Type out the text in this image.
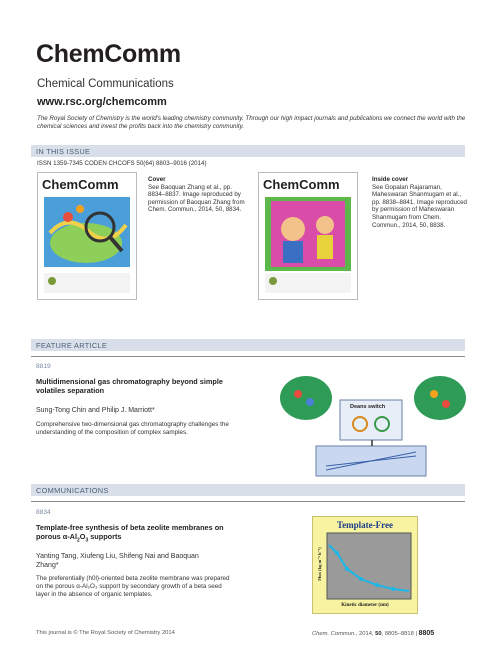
ChemComm
Chemical Communications
www.rsc.org/chemcomm
The Royal Society of Chemistry is the world's leading chemistry community. Through our high impact journals and publications we connect the world with the chemical sciences and invest the profits back into the chemistry community.
IN THIS ISSUE
ISSN 1359-7345 CODEN CHCOFS 50(64) 8803–9016 (2014)
ChemComm	Cover
See Baoquan Zhang et al., pp. 8834–8837. Image reproduced by permission of Baoquan Zhang from Chem. Commun., 2014, 50, 8834.
ChemComm	Inside cover
See Gopalan Rajaraman, Maheswaran Shanmugam et al., pp. 8838–8841. Image reproduced by permission of Maheswaran Shanmugam from Chem. Commun., 2014, 50, 8838.
FEATURE ARTICLE
8819
Multidimensional gas chromatography beyond simple volatiles separation
Sung-Tong Chin and Philip J. Marriott*
Comprehensive two-dimensional gas chromatography challenges the understanding of the composition of complex samples.
Deans switch
COMMUNICATIONS
8834
Template-free synthesis of beta zeolite membranes on porous $\alpha-Al_2O_3$ supports
Yanting Tang, Xiufeng Liu, Shifeng Nai and Baoquan Zhang*
The preferentially (h0l)-oriented beta zeolite membrane was prepared on the porous α-Al₂O₃ support by secondary growth of a beta seed layer in the absence of organic templates.
Template-Free
Flux (kg m⁻² h⁻¹)
Kinetic diameter (nm)
This journal is © The Royal Society of Chemistry 2014	Chem. Commun., 2014, 50, 8805–8818 | 8805
